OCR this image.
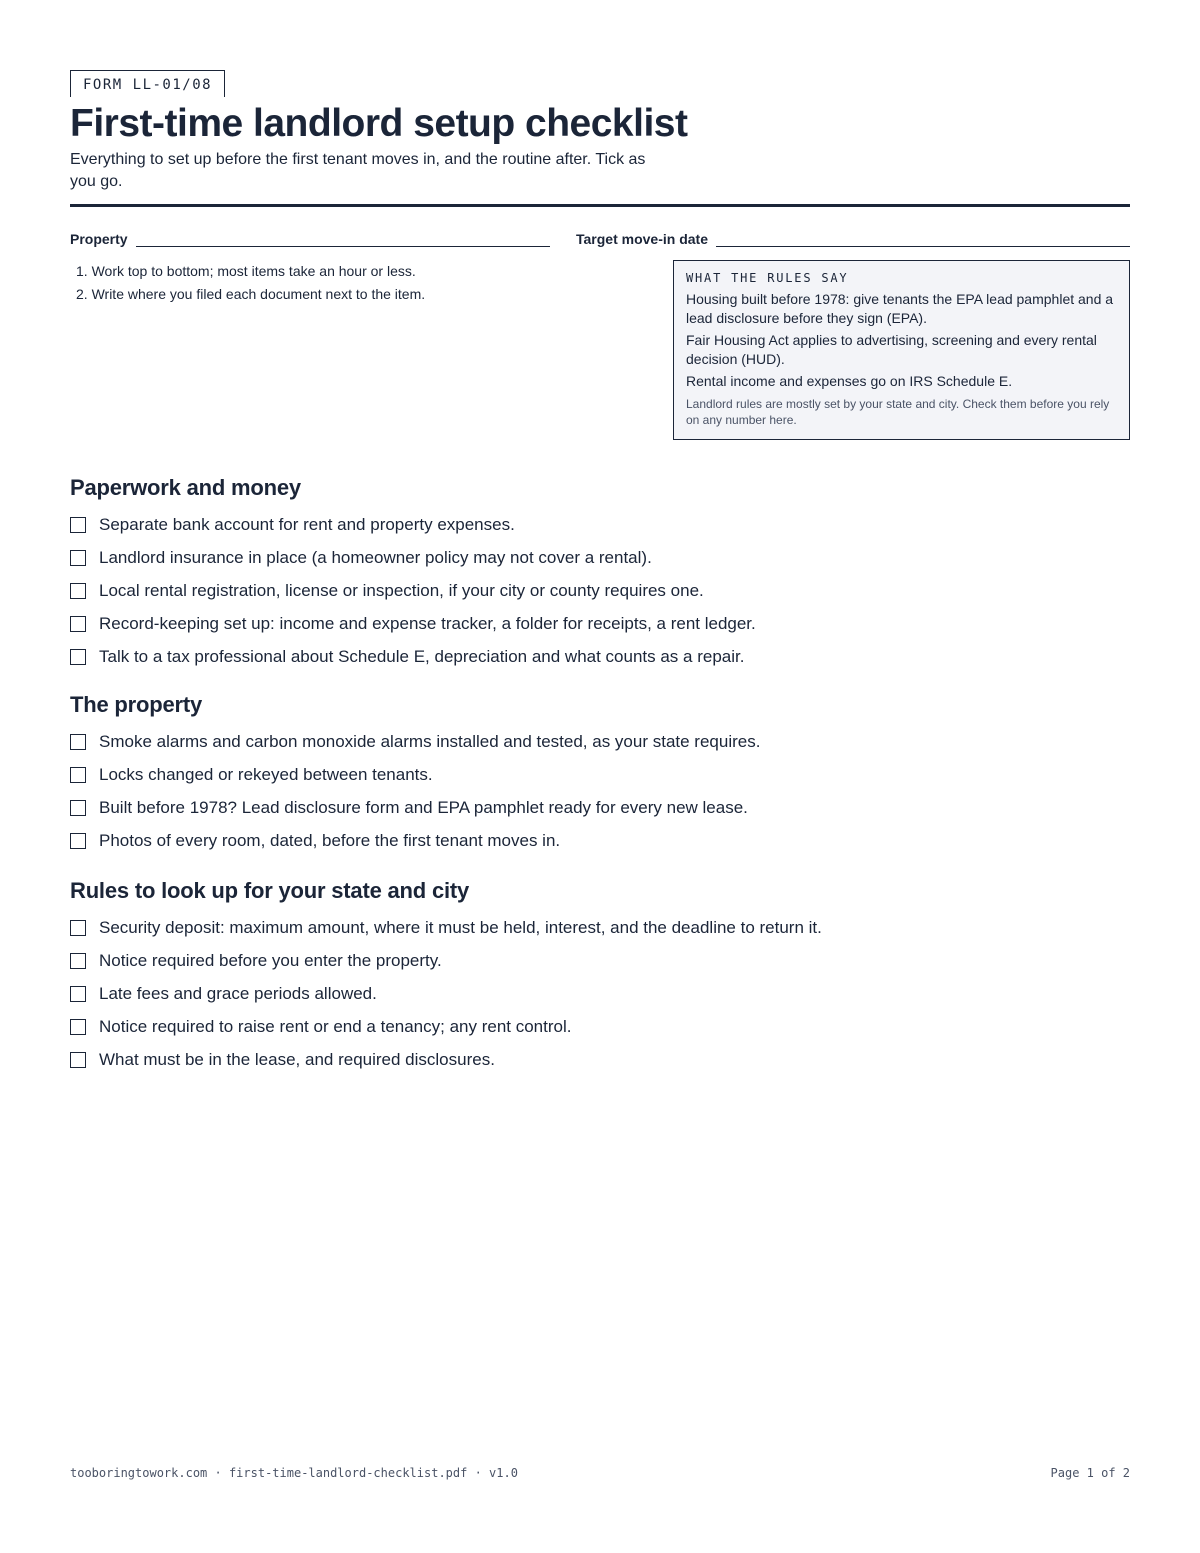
FORM LL-01/08
First-time landlord setup checklist

Everything to set up before the first tenant moves in, and the routine after. Tick as you go.

Property	Target move-in date
1. Work top to bottom; most items take an hour or less.
2. Write where you filed each document next to the item.
WHAT THE RULES SAY
Housing built before 1978: give tenants the EPA lead pamphlet and a lead disclosure before they sign (EPA).
Fair Housing Act applies to advertising, screening and every rental decision (HUD).
Rental income and expenses go on IRS Schedule E.
Landlord rules are mostly set by your state and city. Check them before you rely on any number here.
Paperwork and money
Separate bank account for rent and property expenses.
Landlord insurance in place (a homeowner policy may not cover a rental).
Local rental registration, license or inspection, if your city or county requires one.
Record-keeping set up: income and expense tracker, a folder for receipts, a rent ledger.
Talk to a tax professional about Schedule E, depreciation and what counts as a repair.
The property
Smoke alarms and carbon monoxide alarms installed and tested, as your state requires.
Locks changed or rekeyed between tenants.
Built before 1978? Lead disclosure form and EPA pamphlet ready for every new lease.
Photos of every room, dated, before the first tenant moves in.
Rules to look up for your state and city
Security deposit: maximum amount, where it must be held, interest, and the deadline to return it.
Notice required before you enter the property.
Late fees and grace periods allowed.
Notice required to raise rent or end a tenancy; any rent control.
What must be in the lease, and required disclosures.
tooboringtowork.com · first-time-landlord-checklist.pdf · v1.0	Page 1 of 2
